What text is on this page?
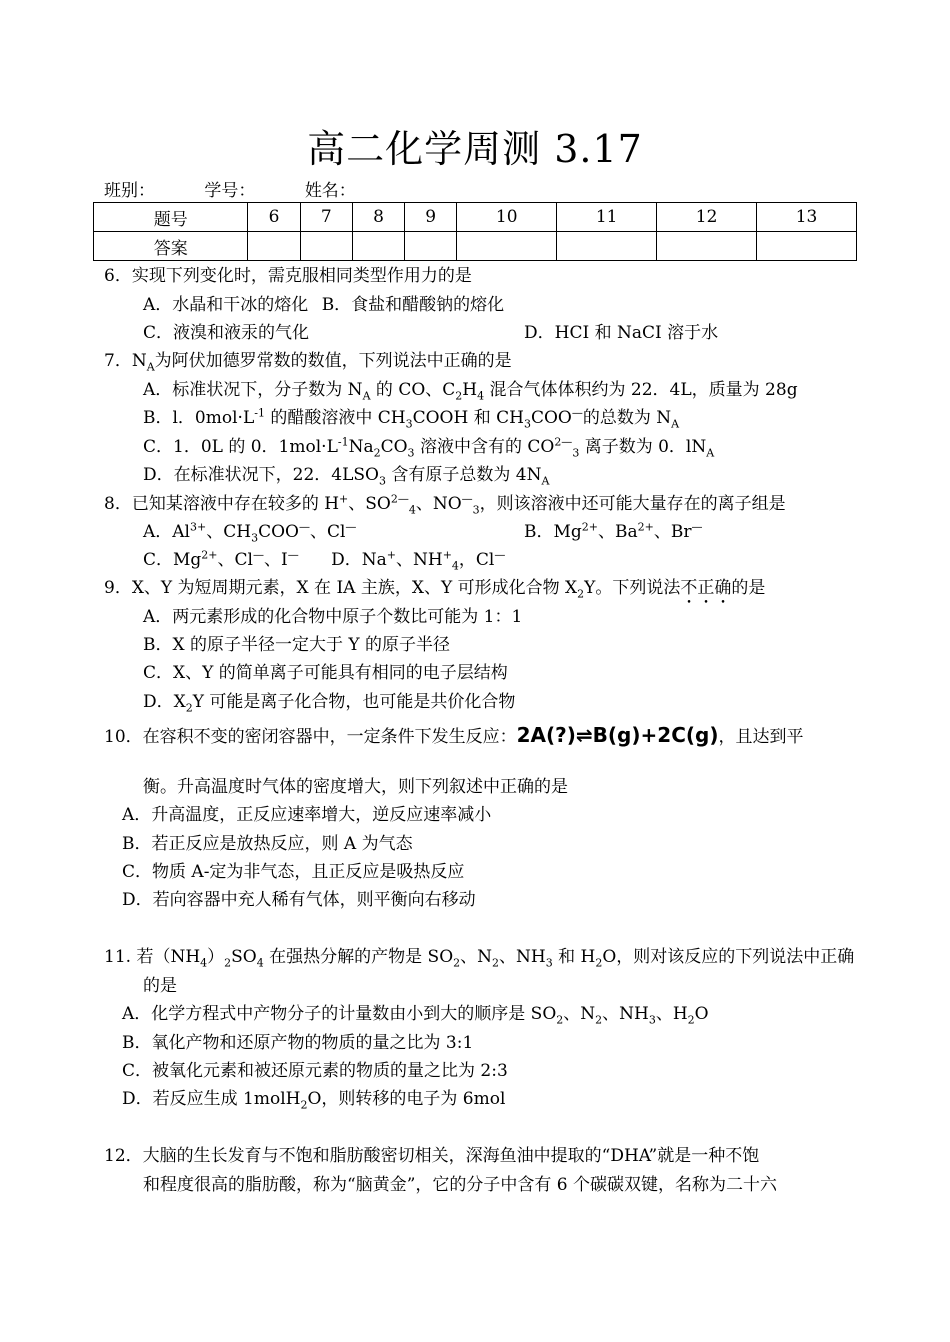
高二化学周测 3.17
班别：	学号：	姓名：
题号	6	7	8	9	10	11	12	13
答案								
6．实现下列变化时，需克服相同类型作用力的是
A．水晶和干冰的熔化 B．食盐和醋酸钠的熔化
C．液溴和液汞的气化	D．HCI 和 NaCI 溶于水
7．$N_A$为阿伏加德罗常数的数值，下列说法中正确的是
A．标准状况下，分子数为 $N_A$ 的 CO、$C_2H_4$ 混合气体体积约为 22．4L，质量为 28g
B．l．$0mol\cdot L^{-1}$ 的醋酸溶液中 $CH_3COOH$ 和 $CH_3COO^—$的总数为 $N_A$
C．1．0L 的 0．$1mol\cdot L^{-1}Na_2CO_3$ 溶液中含有的 $CO^{2—}_3$ 离子数为 0．$lN_A$
D．在标准状况下，22．$4LSO_3$ 含有原子总数为 $4N_A$
8．已知某溶液中存在较多的 H+、$SO^{2—}_4$、$NO^—_3$，则该溶液中还可能大量存在的离子组是
A．$Al^{3+}$、$CH_3COO^—$、Cl—	B．$Mg^{2+}$、$Ba^{2+}$、Br—
C．$Mg^{2+}$、Cl—、I—      D．Na+、$NH^+_4$，Cl—
9．X、Y 为短周期元素，X 在 IA 主族，X、Y 可形成化合物 $X_2Y$。下列说法不正确的是
A．两元素形成的化合物中原子个数比可能为 1：1
B．X 的原子半径一定大于 Y 的原子半径
C．X、Y 的简单离子可能具有相同的电子层结构
D．$X_2Y$ 可能是离子化合物，也可能是共价化合物
10．在容积不变的密闭容器中，一定条件下发生反应：2A(?)⇌B(g)+2C(g)，且达到平
衡。升高温度时气体的密度增大，则下列叙述中正确的是
A．升高温度，正反应速率增大，逆反应速率减小
B．若正反应是放热反应，则 A 为气态
C．物质 A-定为非气态，且正反应是吸热反应
D．若向容器中充人稀有气体，则平衡向右移动
11. 若$(NH_4)_2SO_4$ 在强热分解的产物是 $SO_2$、$N_2$、$NH_3$ 和 $H_2O$，则对该反应的下列说法中正确
的是
A．化学方程式中产物分子的计量数由小到大的顺序是 $SO_2$、$N_2$、$NH_3$、$H_2O$
B．氧化产物和还原产物的物质的量之比为 3:1
C．被氧化元素和被还原元素的物质的量之比为 2:3
D．若反应生成 1molH$_2$O，则转移的电子为 6mol
12．大脑的生长发育与不饱和脂肪酸密切相关，深海鱼油中提取的“DHA”就是一种不饱
和程度很高的脂肪酸，称为“脑黄金”，它的分子中含有 6 个碳碳双键，名称为二十六
